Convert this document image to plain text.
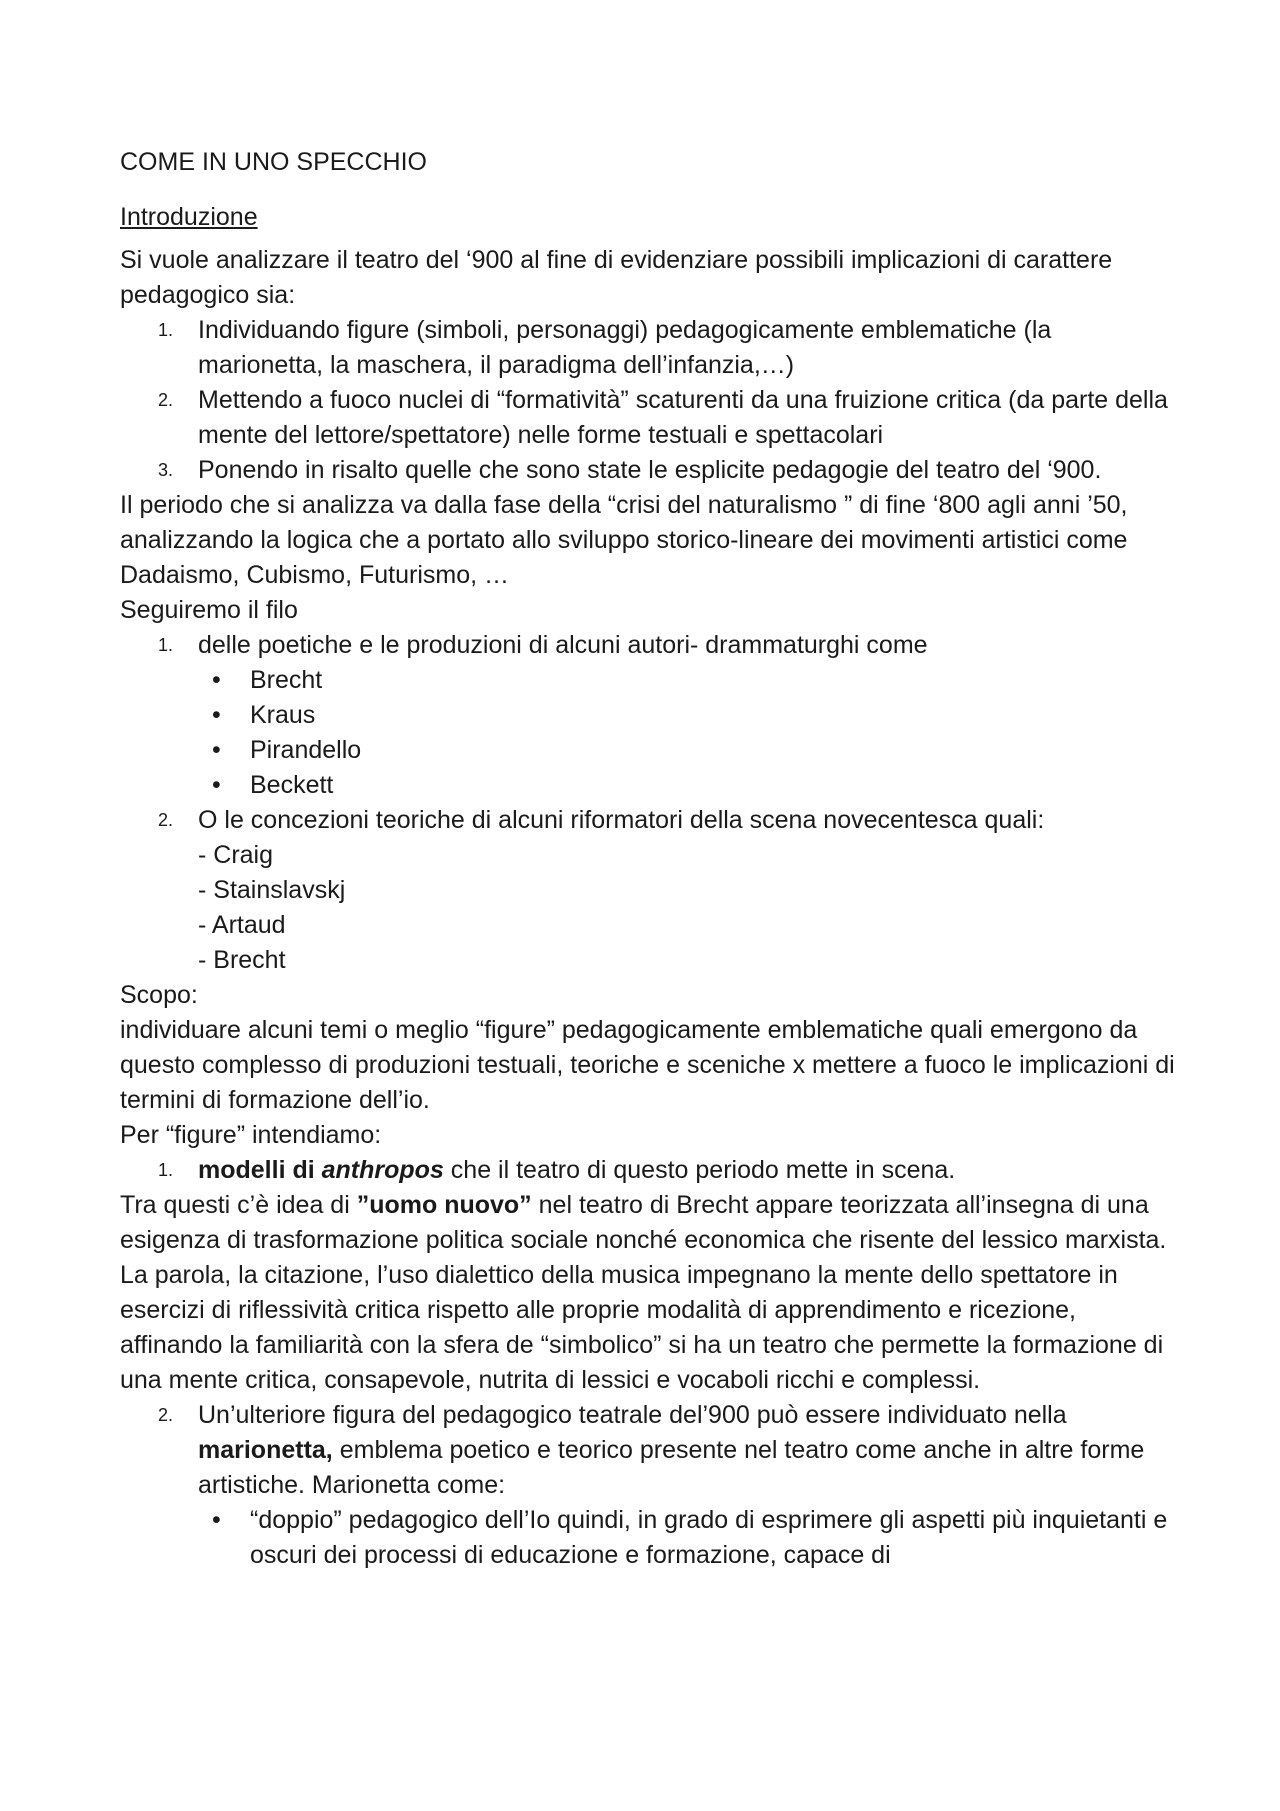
COME IN UNO SPECCHIO

Introduzione

Si vuole analizzare il teatro del ‘900 al fine di evidenziare possibili implicazioni di carattere pedagogico sia:

1. Individuando figure (simboli, personaggi) pedagogicamente emblematiche (la marionetta, la maschera, il paradigma dell’infanzia,…)
2. Mettendo a fuoco nuclei di “formatività” scaturenti da una fruizione critica (da parte della mente del lettore/spettatore) nelle forme testuali e spettacolari
3. Ponendo in risalto quelle che sono state le esplicite pedagogie del teatro del ‘900.

Il periodo che si analizza va dalla fase della “crisi del naturalismo ” di fine ‘800 agli anni ’50, analizzando la logica che a portato allo sviluppo storico-lineare dei movimenti artistici come Dadaismo, Cubismo, Futurismo, …

Seguiremo il filo

1. delle poetiche e le produzioni di alcuni autori- drammaturghi come
• Brecht
• Kraus
• Pirandello
• Beckett
2. O le concezioni teoriche di alcuni riformatori della scena novecentesca quali:
- Craig
- Stainslavskj
- Artaud
- Brecht

Scopo:

individuare alcuni temi o meglio “figure” pedagogicamente emblematiche quali emergono da questo complesso di produzioni testuali, teoriche e sceniche x mettere a fuoco le implicazioni di termini di formazione dell’io.

Per “figure” intendiamo:

1. modelli di anthropos che il teatro di questo periodo mette in scena.

Tra questi c’è idea di ”uomo nuovo” nel teatro di Brecht appare teorizzata all’insegna di una esigenza di trasformazione politica sociale nonché economica che risente del lessico marxista.

La parola, la citazione, l’uso dialettico della musica impegnano la mente dello spettatore in esercizi di riflessività critica rispetto alle proprie modalità di apprendimento e ricezione, affinando la familiarità con la sfera de “simbolico” si ha un teatro che permette la formazione di una mente critica, consapevole, nutrita di lessici e vocaboli ricchi e complessi.

2. Un’ulteriore figura del pedagogico teatrale del’900 può essere individuato nella marionetta, emblema poetico e teorico presente nel teatro come anche in altre forme artistiche. Marionetta come:
• “doppio” pedagogico dell’Io quindi, in grado di esprimere gli aspetti più inquietanti e oscuri dei processi di educazione e formazione, capace di
